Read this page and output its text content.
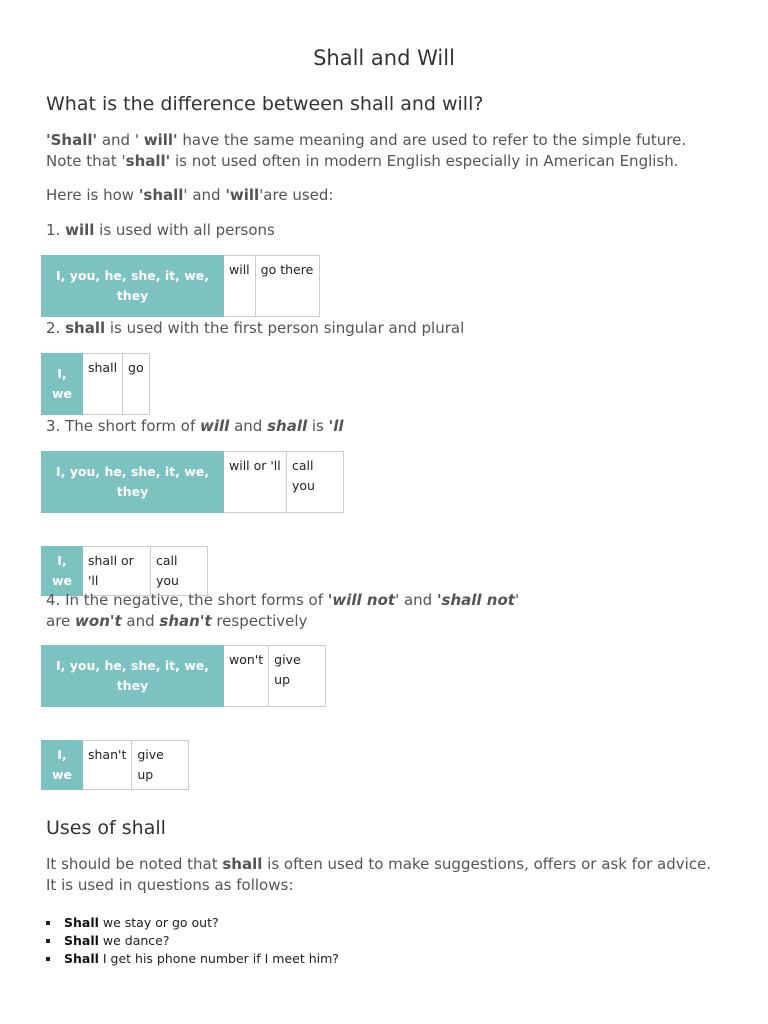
Shall and Will
What is the difference between shall and will?

'Shall' and ' will' have the same meaning and are used to refer to the simple future. Note that 'shall' is not used often in modern English especially in American English.

Here is how 'shall' and 'will'are used:

1. will is used with all persons

I, you, he, she, it, we, they	will	go there

2. shall is used with the first person singular and plural

I, we	shall	go

3. The short form of will and shall is 'll

I, you, he, she, it, we, they	will or 'll	call you
I, we	shall or 'll	call you

4. In the negative, the short forms of 'will not' and 'shall not'
are won't and shan't respectively

I, you, he, she, it, we, they	won't	give up
I, we	shan't	give up
Uses of shall

It should be noted that shall is often used to make suggestions, offers or ask for advice. It is used in questions as follows:

Shall we stay or go out?
Shall we dance?
Shall I get his phone number if I meet him?
